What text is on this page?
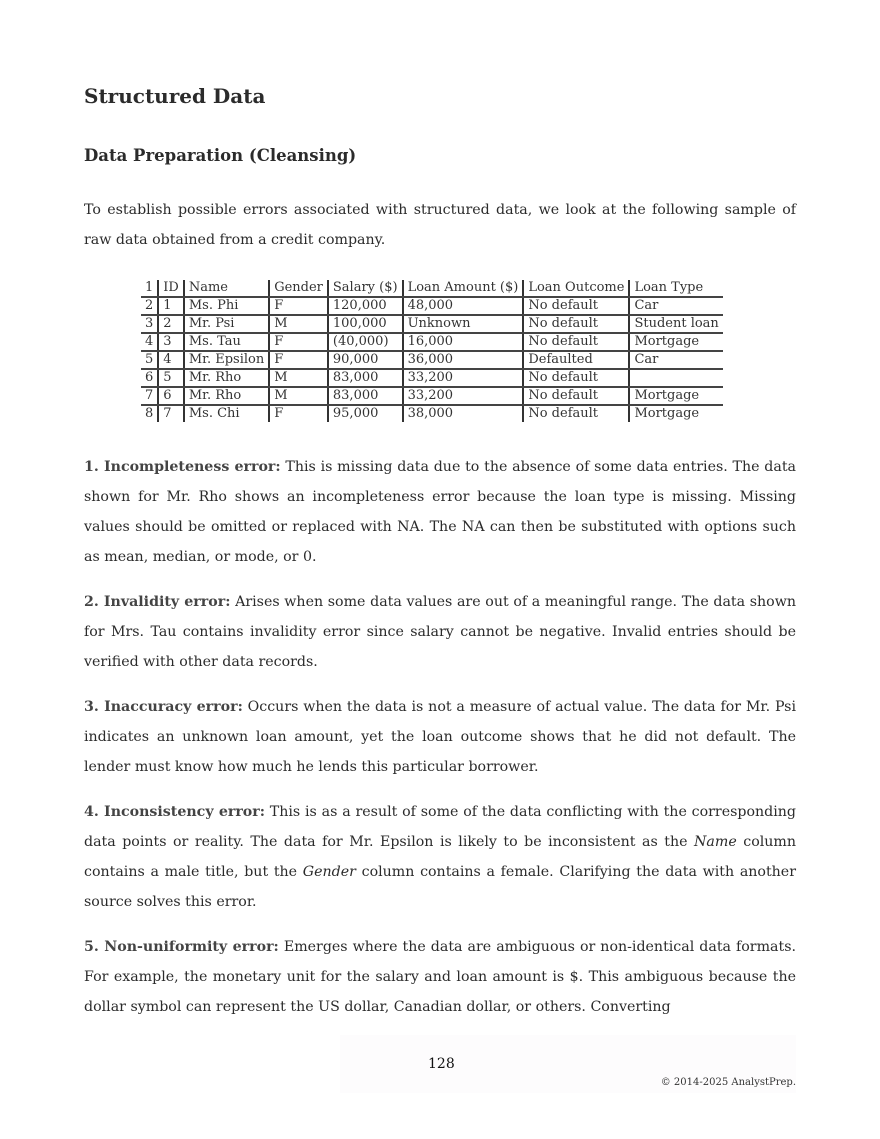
Structured Data
Data Preparation (Cleansing)

To establish possible errors associated with structured data, we look at the following sample of raw data obtained from a credit company.

1	ID	Name	Gender	Salary ($)	Loan Amount ($)	Loan Outcome	Loan Type
2	1	Ms. Phi	F	120,000	48,000	No default	Car
3	2	Mr. Psi	M	100,000	Unknown	No default	Student loan
4	3	Ms. Tau	F	(40,000)	16,000	No default	Mortgage
5	4	Mr. Epsilon	F	90,000	36,000	Defaulted	Car
6	5	Mr. Rho	M	83,000	33,200	No default	
7	6	Mr. Rho	M	83,000	33,200	No default	Mortgage
8	7	Ms. Chi	F	95,000	38,000	No default	Mortgage

1. Incompleteness error: This is missing data due to the absence of some data entries. The data shown for Mr. Rho shows an incompleteness error because the loan type is missing. Missing values should be omitted or replaced with NA. The NA can then be substituted with options such as mean, median, or mode, or 0.

2. Invalidity error: Arises when some data values are out of a meaningful range. The data shown for Mrs. Tau contains invalidity error since salary cannot be negative. Invalid entries should be verified with other data records.

3. Inaccuracy error: Occurs when the data is not a measure of actual value. The data for Mr. Psi indicates an unknown loan amount, yet the loan outcome shows that he did not default. The lender must know how much he lends this particular borrower.

4. Inconsistency error: This is as a result of some of the data conflicting with the corresponding data points or reality. The data for Mr. Epsilon is likely to be inconsistent as the Name column contains a male title, but the Gender column contains a female. Clarifying the data with another source solves this error.

5. Non-uniformity error: Emerges where the data are ambiguous or non-identical data formats. For example, the monetary unit for the salary and loan amount is $. This ambiguous because the dollar symbol can represent the US dollar, Canadian dollar, or others. Converting

128
© 2014-2025 AnalystPrep.
